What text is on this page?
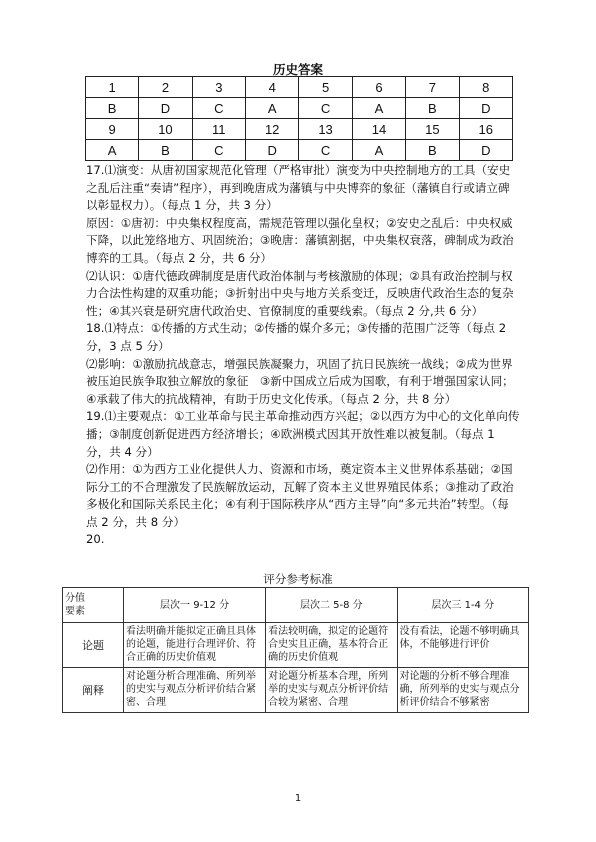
历史答案
1	2	3	4	5	6	7	8
B	D	C	A	C	A	B	D
9	10	11	12	13	14	15	16
A	B	C	D	C	A	B	D

17.⑴演变：从唐初国家规范化管理（严格审批）演变为中央控制地方的工具（安史之乱后注重“奏请”程序），再到晚唐成为藩镇与中央博弈的象征（藩镇自行或请立碑以彰显权力）。（每点 1 分，共 3 分）

原因：①唐初：中央集权程度高，需规范管理以强化皇权；②安史之乱后：中央权威下降，以此笼络地方、巩固统治；③晚唐：藩镇割据，中央集权衰落，碑制成为政治博弈的工具。（每点 2 分，共 6 分）

⑵认识：①唐代德政碑制度是唐代政治体制与考核激励的体现；②具有政治控制与权力合法性构建的双重功能；③折射出中央与地方关系变迁，反映唐代政治生态的复杂性；④其兴衰是研究唐代政治史、官僚制度的重要线索。（每点 2 分,共 6 分）

18.⑴特点：①传播的方式生动；②传播的媒介多元；③传播的范围广泛等（每点 2 分，3 点 5 分）

⑵影响：①激励抗战意志，增强民族凝聚力，巩固了抗日民族统一战线；②成为世界被压迫民族争取独立解放的象征　③新中国成立后成为国歌，有利于增强国家认同；④承载了伟大的抗战精神，有助于历史文化传承。（每点 2 分，共 8 分）

19.⑴主要观点：①工业革命与民主革命推动西方兴起；②以西方为中心的文化单向传播；③制度创新促进西方经济增长；④欧洲模式因其开放性难以被复制。（每点 1 分，共 4 分）

⑵作用：①为西方工业化提供人力、资源和市场，奠定资本主义世界体系基础；②国际分工的不合理激发了民族解放运动，瓦解了资本主义世界殖民体系；③推动了政治多极化和国际关系民主化；④有利于国际秩序从“西方主导”向“多元共治”转型。（每点 2 分，共 8 分）

20.

评分参考标准
分值
要素	层次一 9-12 分	层次二 5-8 分	层次三 1-4 分
论题	看法明确并能拟定正确且具体的论题，能进行合理评价、符合正确的历史价值观	看法较明确，拟定的论题符合史实且正确，基本符合正确的历史价值观	没有看法，论题不够明确具体，不能够进行评价
阐释	对论题分析合理准确、所列举的史实与观点分析评价结合紧密、合理	对论题分析基本合理，所列举的史实与观点分析评价结合较为紧密、合理	对论题的分析不够合理准确，所列举的史实与观点分析评价结合不够紧密
1
